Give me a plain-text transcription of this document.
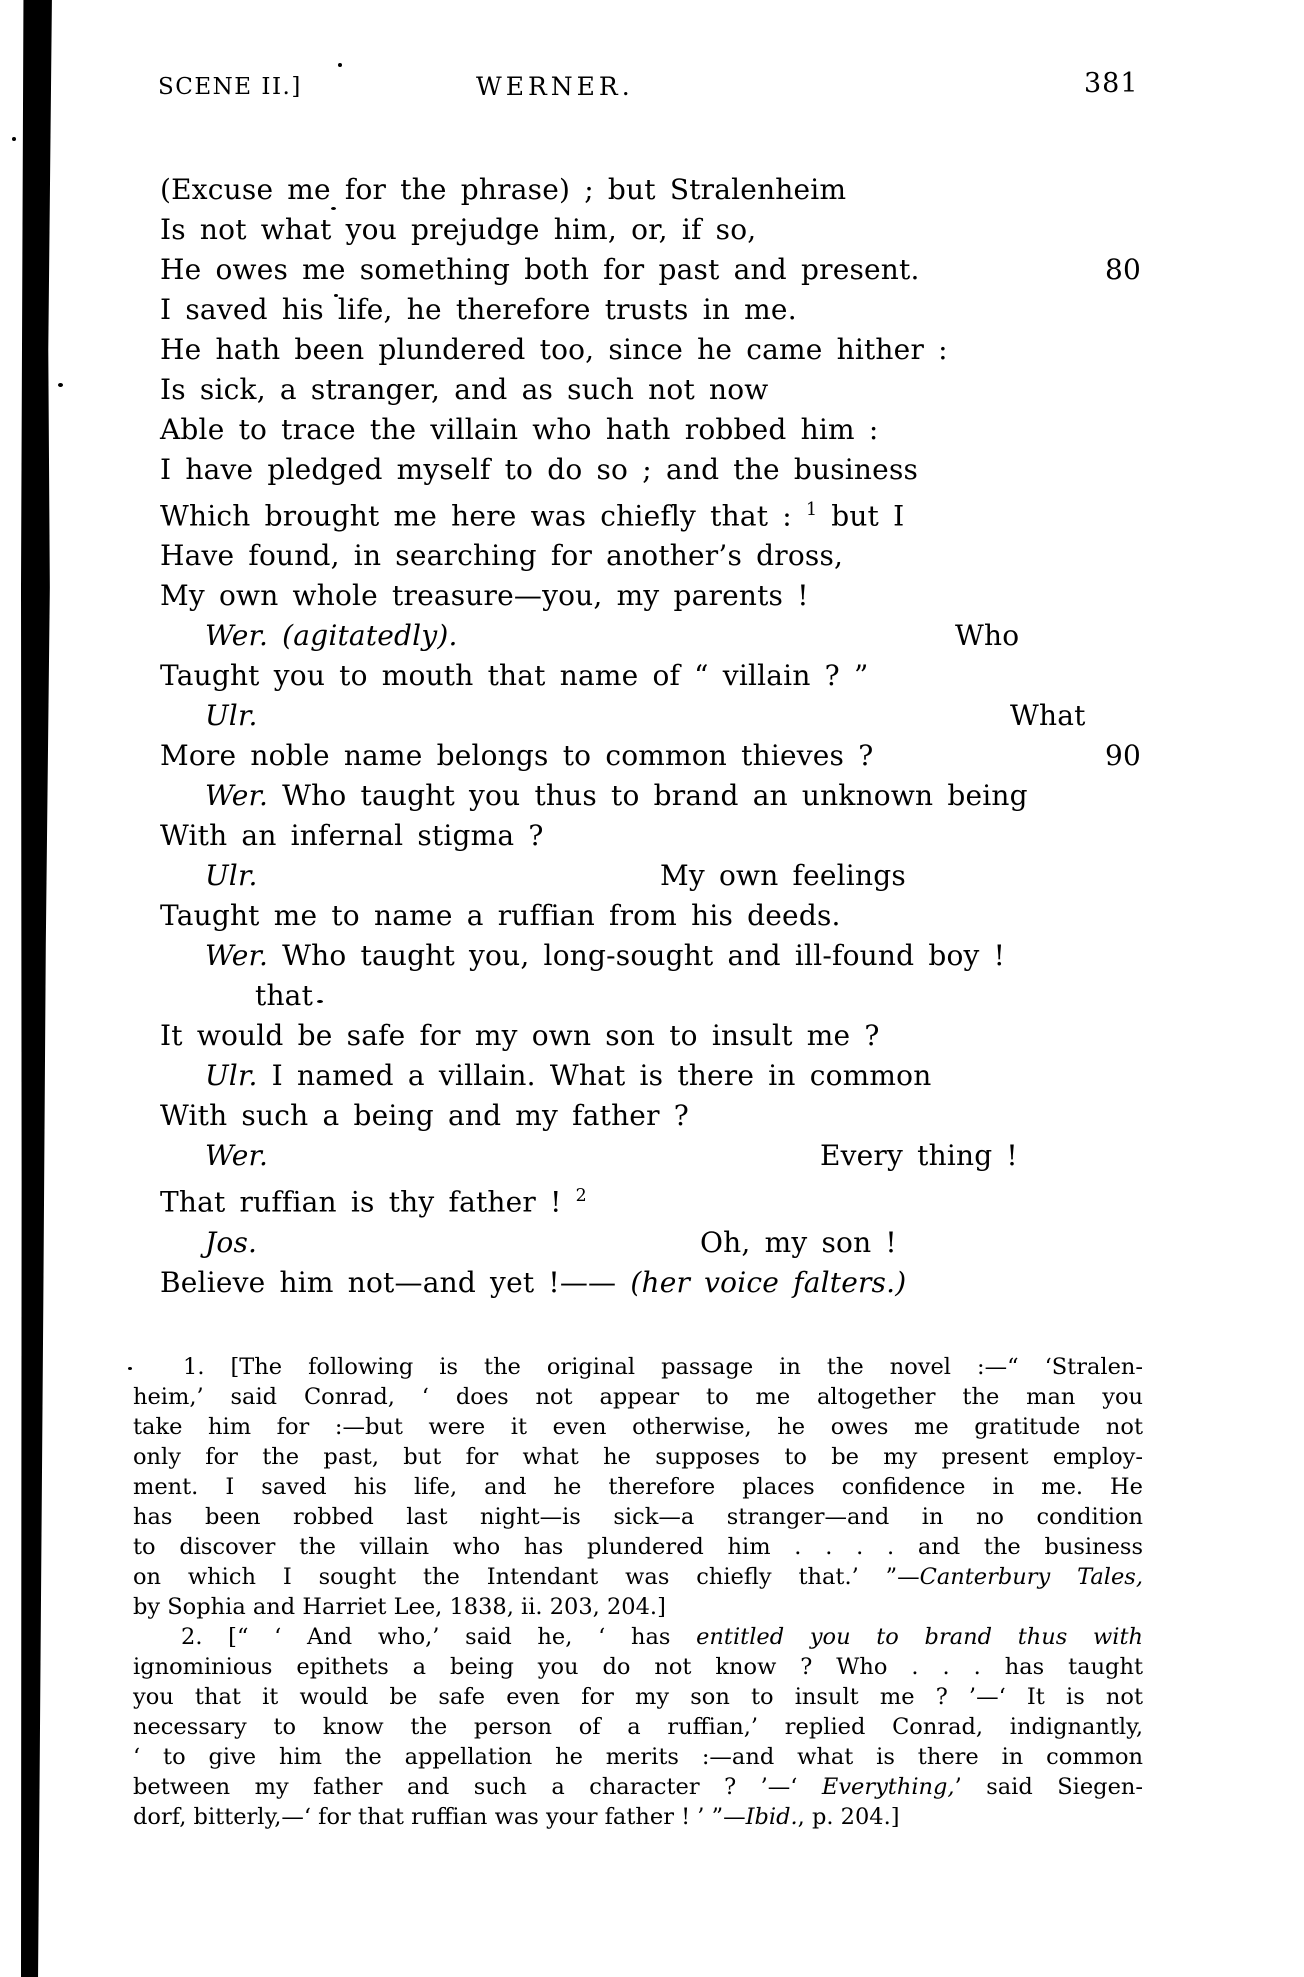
SCENE II.]	WERNER.	381
(Excuse me for the phrase) ; but Stralenheim
Is not what you prejudge him, or, if so,
He owes me something both for past and present.	80
I saved his life, he therefore trusts in me.
He hath been plundered too, since he came hither :
Is sick, a stranger, and as such not now
Able to trace the villain who hath robbed him :
I have pledged myself to do so ; and the business
Which brought me here was chiefly that : $^1$ but I
Have found, in searching for another’s dross,
My own whole treasure—you, my parents !
Wer. (agitatedly).	Who
Taught you to mouth that name of “ villain ? ”
Ulr.	What
More noble name belongs to common thieves ?	90
Wer. Who taught you thus to brand an unknown being
With an infernal stigma ?
Ulr.	My own feelings
Taught me to name a ruffian from his deeds.
Wer. Who taught you, long-sought and ill-found boy !
that
It would be safe for my own son to insult me ?
Ulr. I named a villain. What is there in common
With such a being and my father ?
Wer.	Every thing !
That ruffian is thy father ! $^2$
Jos.	Oh, my son !
Believe him not—and yet !—— (her voice falters.)
1. [The following is the original passage in the novel :—“ ‘Stralen-
heim,’ said Conrad, ‘ does not appear to me altogether the man you
take him for :—but were it even otherwise, he owes me gratitude not
only for the past, but for what he supposes to be my present employ-
ment. I saved his life, and he therefore places confidence in me. He
has been robbed last night—is sick—a stranger—and in no condition
to discover the villain who has plundered him . . . . and the business
on which I sought the Intendant was chiefly that.’ ”—Canterbury Tales,
by Sophia and Harriet Lee, 1838, ii. 203, 204.]
2. [“ ‘ And who,’ said he, ‘ has entitled you to brand thus with
ignominious epithets a being you do not know ? Who . . . has taught
you that it would be safe even for my son to insult me ? ’—‘ It is not
necessary to know the person of a ruffian,’ replied Conrad, indignantly,
‘ to give him the appellation he merits :—and what is there in common
between my father and such a character ? ’—‘ Everything,’ said Siegen-
dorf, bitterly,—‘ for that ruffian was your father ! ’ ”—Ibid., p. 204.]
